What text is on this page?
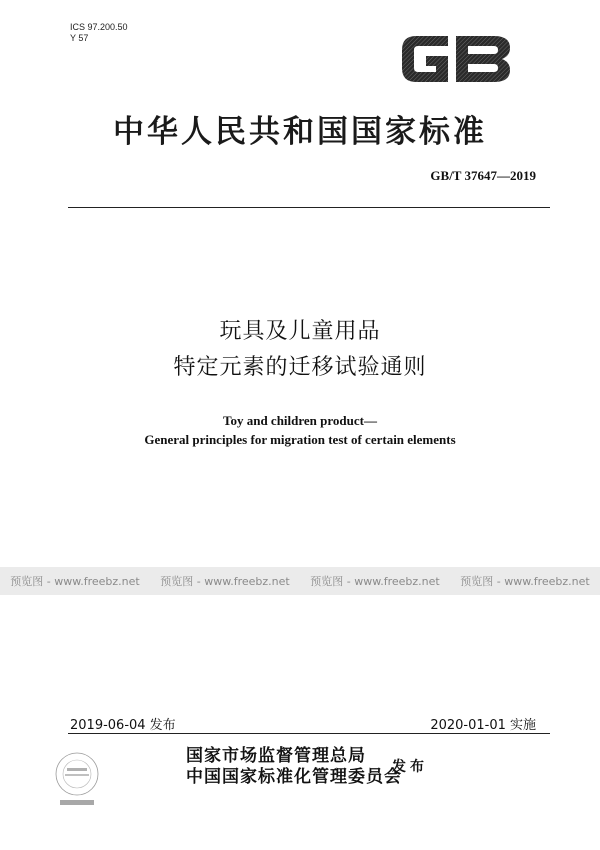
ICS 97.200.50
Y 57
中华人民共和国国家标准
GB/T 37647—2019
玩具及儿童用品
特定元素的迁移试验通则
Toy and children product—
General principles for migration test of certain elements
预览图 - www.freebz.net 预览图 - www.freebz.net 预览图 - www.freebz.net 预览图 - www.freebz.net
2019-06-04 发布	2020-01-01 实施
国家市场监督管理总局
中国国家标准化管理委员会
发布
